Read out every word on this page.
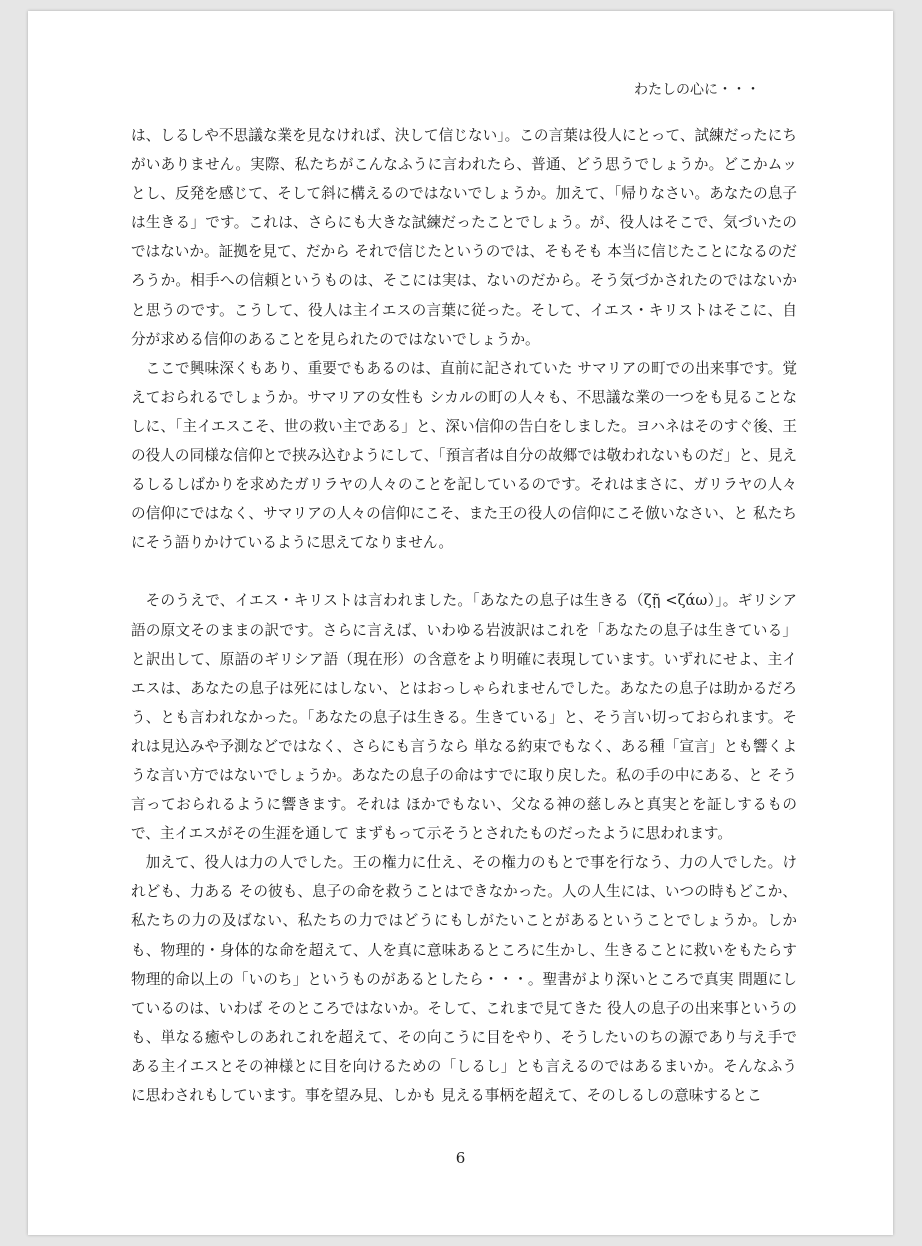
わたしの心に・・・

は、しるしや不思議な業を見なければ、決して信じない」。この言葉は役人にとって、試練だったにちがいありません。実際、私たちがこんなふうに言われたら、普通、どう思うでしょうか。どこかムッとし、反発を感じて、そして斜に構えるのではないでしょうか。加えて、「帰りなさい。あなたの息子は生きる」です。これは、さらにも大きな試練だったことでしょう。が、役人はそこで、気づいたのではないか。証拠を見て、だから それで信じたというのでは、そもそも 本当に信じたことになるのだろうか。相手への信頼というものは、そこには実は、ないのだから。そう気づかされたのではないかと思うのです。こうして、役人は主イエスの言葉に従った。そして、イエス・キリストはそこに、自分が求める信仰のあることを見られたのではないでしょうか。

ここで興味深くもあり、重要でもあるのは、直前に記されていた サマリアの町での出来事です。覚えておられるでしょうか。サマリアの女性も シカルの町の人々も、不思議な業の一つをも見ることなしに、「主イエスこそ、世の救い主である」と、深い信仰の告白をしました。ヨハネはそのすぐ後、王の役人の同様な信仰とで挟み込むようにして、「預言者は自分の故郷では敬われないものだ」と、見えるしるしばかりを求めたガリラヤの人々のことを記しているのです。それはまさに、ガリラヤの人々の信仰にではなく、サマリアの人々の信仰にこそ、また王の役人の信仰にこそ倣いなさい、と 私たちにそう語りかけているように思えてなりません。

そのうえで、イエス・キリストは言われました。「あなたの息子は生きる（ζῇ <ζάω）」。ギリシア語の原文そのままの訳です。さらに言えば、いわゆる岩波訳はこれを「あなたの息子は生きている」と訳出して、原語のギリシア語（現在形）の含意をより明確に表現しています。いずれにせよ、主イエスは、あなたの息子は死にはしない、とはおっしゃられませんでした。あなたの息子は助かるだろう、とも言われなかった。「あなたの息子は生きる。生きている」と、そう言い切っておられます。それは見込みや予測などではなく、さらにも言うなら 単なる約束でもなく、ある種「宣言」とも響くような言い方ではないでしょうか。あなたの息子の命はすでに取り戻した。私の手の中にある、と そう言っておられるように響きます。それは ほかでもない、父なる神の慈しみと真実とを証しするもので、主イエスがその生涯を通して まずもって示そうとされたものだったように思われます。

加えて、役人は力の人でした。王の権力に仕え、その権力のもとで事を行なう、力の人でした。けれども、力ある その彼も、息子の命を救うことはできなかった。人の人生には、いつの時もどこか、私たちの力の及ばない、私たちの力ではどうにもしがたいことがあるということでしょうか。しかも、物理的・身体的な命を超えて、人を真に意味あるところに生かし、生きることに救いをもたらす 物理的命以上の「いのち」というものがあるとしたら・・・。聖書がより深いところで真実 問題にしているのは、いわば そのところではないか。そして、これまで見てきた 役人の息子の出来事というのも、単なる癒やしのあれこれを超えて、その向こうに目をやり、そうしたいのちの源であり与え手である主イエスとその神様とに目を向けるための「しるし」とも言えるのではあるまいか。そんなふうに思わされもしています。事を望み見、しかも 見える事柄を超えて、そのしるしの意味するとこ

6
